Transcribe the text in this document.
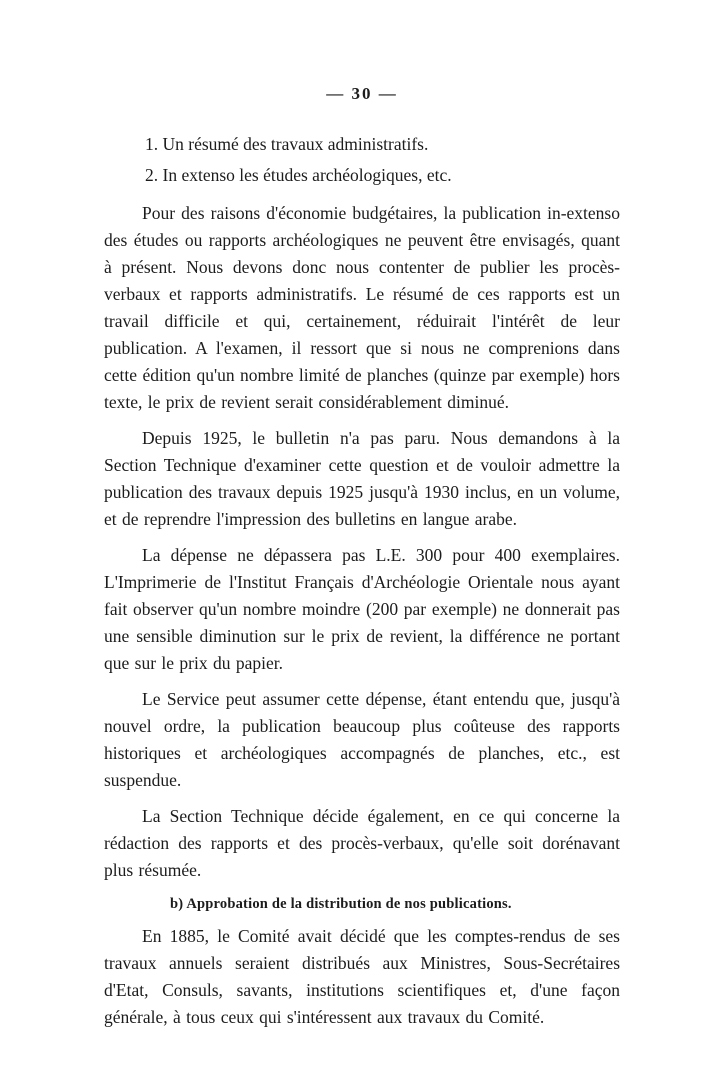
— 30 —
1. Un résumé des travaux administratifs.
2. In extenso les études archéologiques, etc.

Pour des raisons d'économie budgétaires, la publication in-extenso des études ou rapports archéologiques ne peuvent être envisagés, quant à présent. Nous devons donc nous contenter de publier les procès-verbaux et rapports administratifs. Le résumé de ces rapports est un travail difficile et qui, certainement, réduirait l'intérêt de leur publication. A l'examen, il ressort que si nous ne comprenions dans cette édition qu'un nombre limité de planches (quinze par exemple) hors texte, le prix de revient serait considérablement diminué.

Depuis 1925, le bulletin n'a pas paru. Nous demandons à la Section Technique d'examiner cette question et de vouloir admettre la publication des travaux depuis 1925 jusqu'à 1930 inclus, en un volume, et de reprendre l'impression des bulletins en langue arabe.

La dépense ne dépassera pas L.E. 300 pour 400 exemplaires. L'Imprimerie de l'Institut Français d'Archéologie Orientale nous ayant fait observer qu'un nombre moindre (200 par exemple) ne donnerait pas une sensible diminution sur le prix de revient, la différence ne portant que sur le prix du papier.

Le Service peut assumer cette dépense, étant entendu que, jusqu'à nouvel ordre, la publication beaucoup plus coûteuse des rapports historiques et archéologiques accompagnés de planches, etc., est suspendue.

La Section Technique décide également, en ce qui concerne la rédaction des rapports et des procès-verbaux, qu'elle soit dorénavant plus résumée.

b) Approbation de la distribution de nos publications.

En 1885, le Comité avait décidé que les comptes-rendus de ses travaux annuels seraient distribués aux Ministres, Sous-Secrétaires d'Etat, Consuls, savants, institutions scientifiques et, d'une façon générale, à tous ceux qui s'intéressent aux travaux du Comité.
